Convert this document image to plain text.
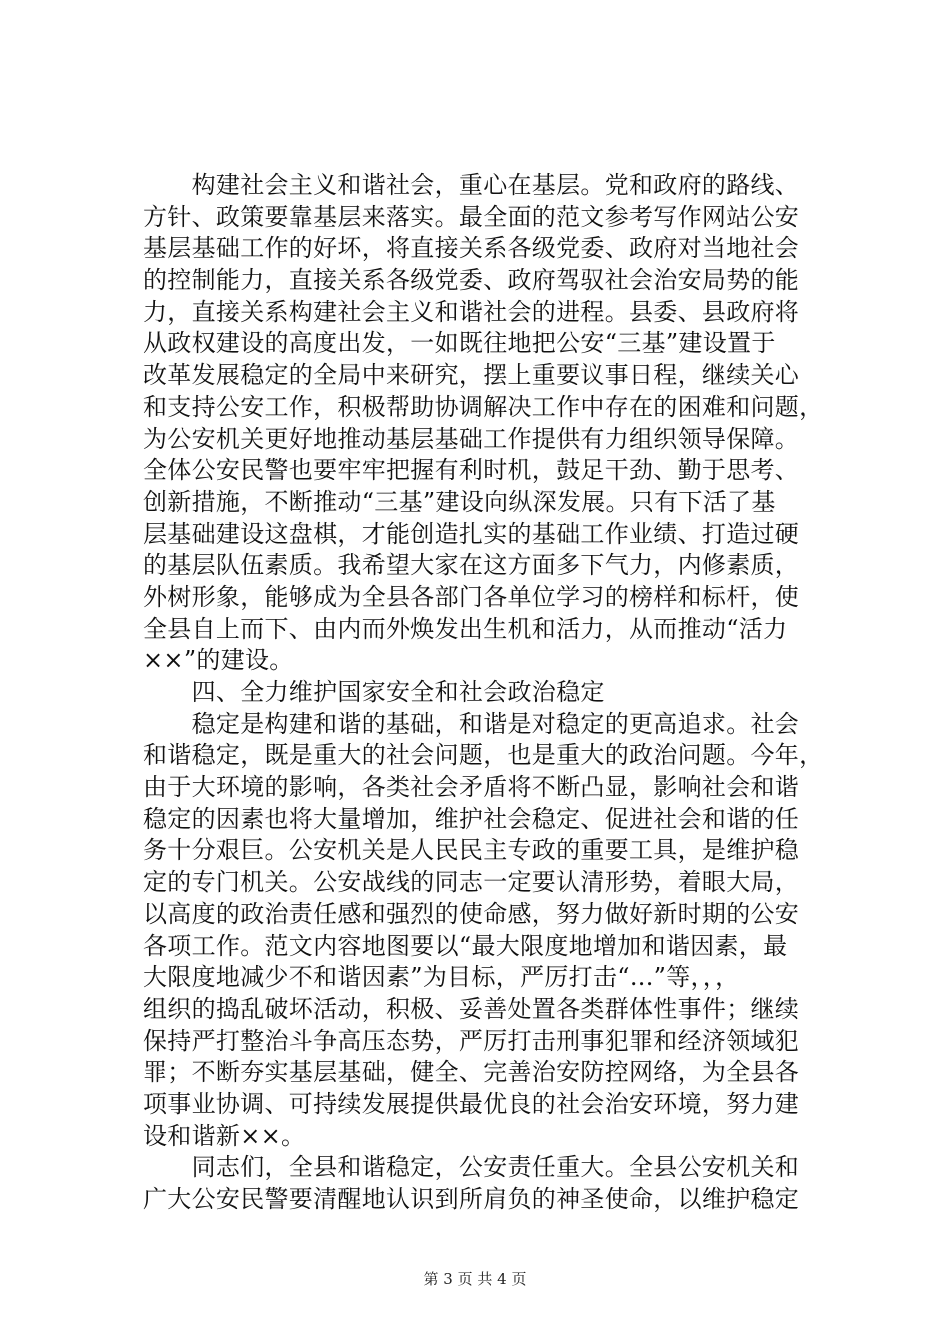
　　构建社会主义和谐社会，重心在基层。党和政府的路线、
方针、政策要靠基层来落实。最全面的范文参考写作网站公安
基层基础工作的好坏，将直接关系各级党委、政府对当地社会
的控制能力，直接关系各级党委、政府驾驭社会治安局势的能
力，直接关系构建社会主义和谐社会的进程。县委、县政府将
从政权建设的高度出发，一如既往地把公安“三基”建设置于
改革发展稳定的全局中来研究，摆上重要议事日程，继续关心
和支持公安工作，积极帮助协调解决工作中存在的困难和问题，
为公安机关更好地推动基层基础工作提供有力组织领导保障。
全体公安民警也要牢牢把握有利时机，鼓足干劲、勤于思考、
创新措施，不断推动“三基”建设向纵深发展。只有下活了基
层基础建设这盘棋，才能创造扎实的基础工作业绩、打造过硬
的基层队伍素质。我希望大家在这方面多下气力，内修素质，
外树形象，能够成为全县各部门各单位学习的榜样和标杆，使
全县自上而下、由内而外焕发出生机和活力，从而推动“活力
××”的建设。
　　四、全力维护国家安全和社会政治稳定
　　稳定是构建和谐的基础，和谐是对稳定的更高追求。社会
和谐稳定，既是重大的社会问题，也是重大的政治问题。今年，
由于大环境的影响，各类社会矛盾将不断凸显，影响社会和谐
稳定的因素也将大量增加，维护社会稳定、促进社会和谐的任
务十分艰巨。公安机关是人民民主专政的重要工具，是维护稳
定的专门机关。公安战线的同志一定要认清形势，着眼大局，
以高度的政治责任感和强烈的使命感，努力做好新时期的公安
各项工作。范文内容地图要以“最大限度地增加和谐因素，最
大限度地减少不和谐因素”为目标，严厉打击“...”等，，，
组织的捣乱破坏活动，积极、妥善处置各类群体性事件；继续
保持严打整治斗争高压态势，严厉打击刑事犯罪和经济领域犯
罪；不断夯实基层基础，健全、完善治安防控网络，为全县各
项事业协调、可持续发展提供最优良的社会治安环境，努力建
设和谐新××。
　　同志们，全县和谐稳定，公安责任重大。全县公安机关和
广大公安民警要清醒地认识到所肩负的神圣使命，以维护稳定
第 3 页 共 4 页
